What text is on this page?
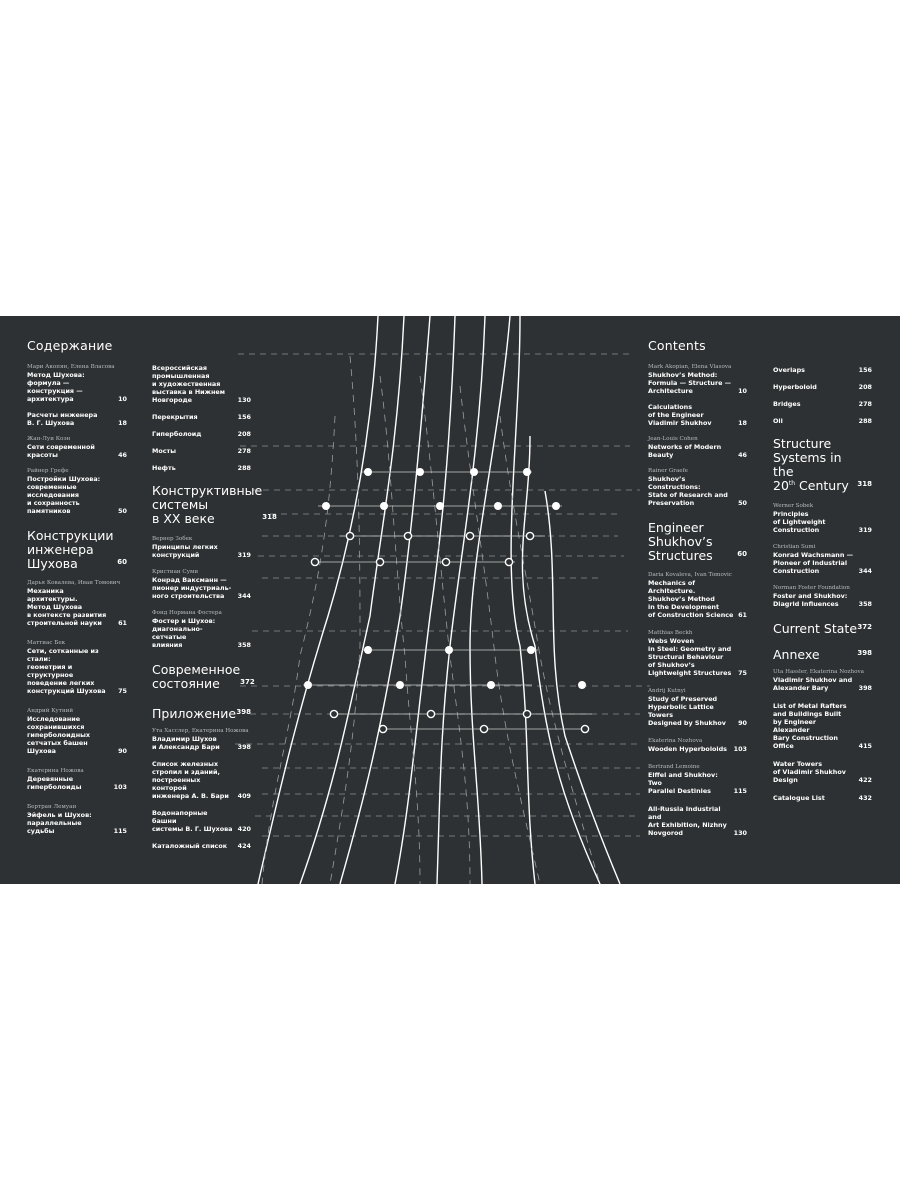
Содержание
Мари Акопян, Елена Власова
Метод Шухова: формула —
конструкция —
архитектура	10
Расчеты инженера
В. Г. Шухова	18
Жан-Луи Коэн
Сети современной
красоты	46
Райнер Грефе
Постройки Шухова:
современные
исследования
и сохранность
памятников	50
Конструкции
инженера
Шухова	60
Дарья Ковалева, Иван Томович
Механика архитектуры.
Метод Шухова
в контексте развития
строительной науки	61
Маттиас Бек
Сети, сотканные из стали:
геометрия и структурное
поведение легких
конструкций Шухова	75
Андрий Кутний
Исследование
сохранившихся
гиперболоидных
сетчатых башен Шухова	90
Екатерина Ножова
Деревянные
гиперболоиды	103
Бертран Лемуан
Эйфель и Шухов:
параллельные судьбы	115
Всероссийская
промышленная
и художественная
выставка в Нижнем
Новгороде	130
Перекрытия	156
Гиперболоид	208
Мосты	278
Нефть	288
Конструктивные
системы
в XX веке	318
Вернер Зобек
Принципы легких
конструкций	319
Кристиан Суми
Конрад Ваксманн —
пионер индустриаль-
ного строительства	344
Фонд Нормана Фостера
Фостер и Шухов:
диагонально-сетчатые
влияния	358
Современное
состояние	372
Приложение 398
Ута Хасслер, Екатерина Ножова
Владимир Шухов
и Александр Бари	398
Список железных
стропил и зданий,
построенных конторой
инженера А. В. Бари	409
Водонапорные башни
системы В. Г. Шухова 420
Каталожный список	424
Contents
Mark Akopian, Elena Vlasova
Shukhov’s Method:
Formula — Structure —
Architecture	10
Calculations
of the Engineer
Vladimir Shukhov	18
Jean-Louis Cohen
Networks of Modern
Beauty	46
Rainer Graefe
Shukhov’s Constructions:
State of Research and
Preservation	50
Engineer
Shukhov’s
Structures	60
Daria Kovaleva, Ivan Tomovic
Mechanics of Architecture.
Shukhov’s Method
in the Development
of Construction Science 61
Matthias Beckh
Webs Woven
in Steel: Geometry and
Structural Behaviour
of Shukhov’s
Lightweight Structures	75
Andrij Kutnyi
Study of Preserved
Hyperbolic Lattice Towers
Designed by Shukhov	90
Ekaterina Nozhova
Wooden Hyperboloids	103
Bertrand Lemoine
Eiffel and Shukhov: Two
Parallel Destinies	115
All-Russia Industrial and
Art Exhibition, Nizhny
Novgorod	130
Overlaps	156
Hyperboloid	208
Bridges	278
Oil	288
Structure
Systems in the
20th Century	318
Werner Sobek
Principles
of Lightweight
Construction	319
Christian Sumi
Konrad Wachsmann —
Pioneer of Industrial
Construction	344
Norman Foster Foundation
Foster and Shukhov:
Diagrid Influences	358
Current State 372
Annexe	398
Uta Hassler, Ekaterina Nozhova
Vladimir Shukhov and
Alexander Bary	398
List of Metal Rafters
and Buildings Built
by Engineer Alexander
Bary Construction Office	415
Water Towers
of Vladimir Shukhov
Design	422
Catalogue List	432
